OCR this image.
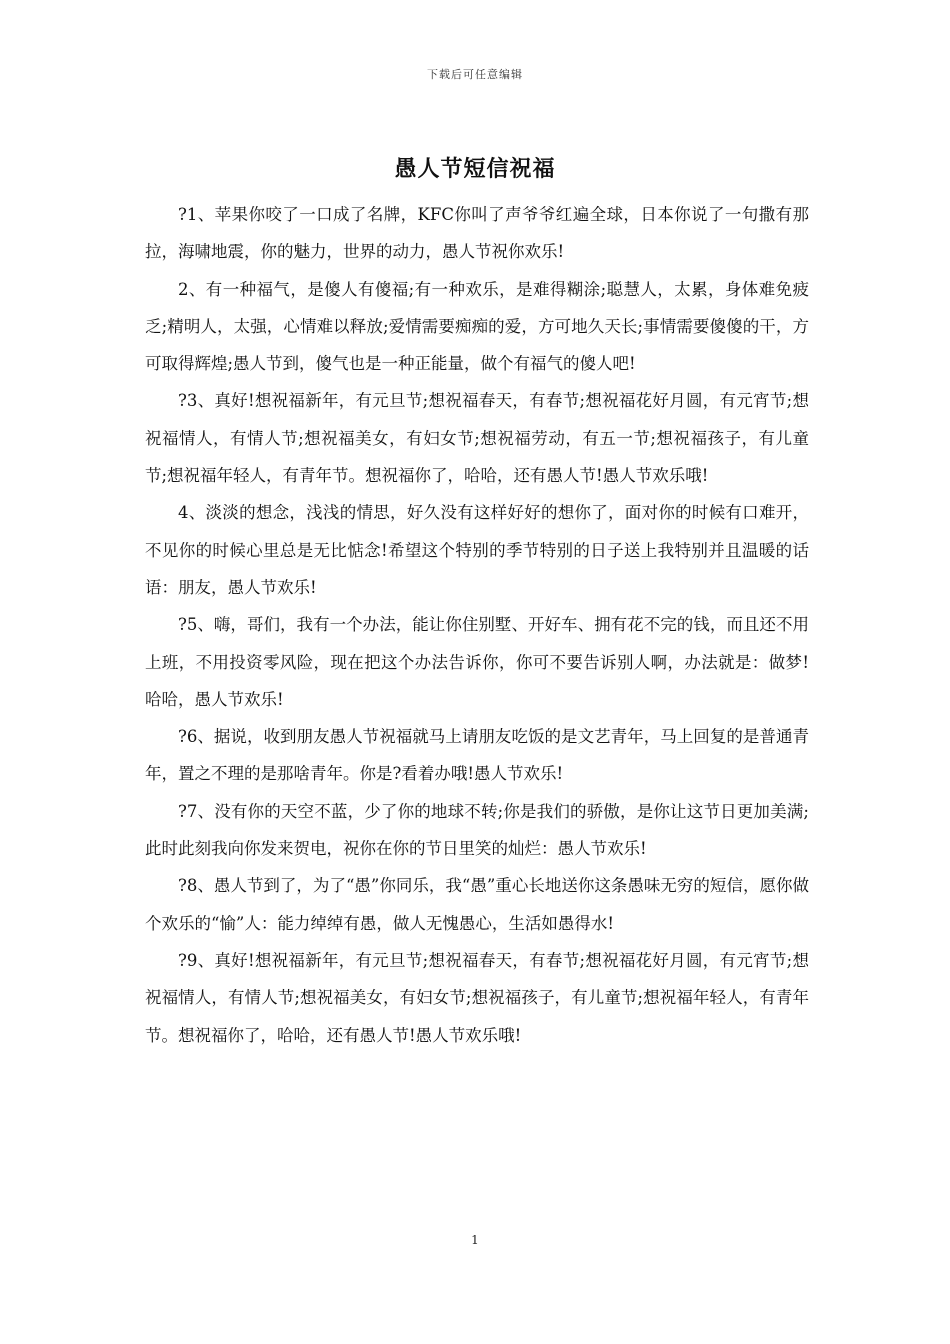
下载后可任意编辑
愚人节短信祝福

?1、苹果你咬了一口成了名牌，KFC你叫了声爷爷红遍全球，日本你说了一句撒有那拉，海啸地震，你的魅力，世界的动力，愚人节祝你欢乐!

2、有一种福气，是傻人有傻福;有一种欢乐，是难得糊涂;聪慧人，太累，身体难免疲乏;精明人，太强，心情难以释放;爱情需要痴痴的爱，方可地久天长;事情需要傻傻的干，方可取得辉煌;愚人节到，傻气也是一种正能量，做个有福气的傻人吧!

?3、真好!想祝福新年，有元旦节;想祝福春天，有春节;想祝福花好月圆，有元宵节;想祝福情人，有情人节;想祝福美女，有妇女节;想祝福劳动，有五一节;想祝福孩子，有儿童节;想祝福年轻人，有青年节。想祝福你了，哈哈，还有愚人节!愚人节欢乐哦!

4、淡淡的想念，浅浅的情思，好久没有这样好好的想你了，面对你的时候有口难开，不见你的时候心里总是无比惦念!希望这个特别的季节特别的日子送上我特别并且温暖的话语：朋友，愚人节欢乐!

?5、嗨，哥们，我有一个办法，能让你住别墅、开好车、拥有花不完的钱，而且还不用上班，不用投资零风险，现在把这个办法告诉你，你可不要告诉别人啊，办法就是：做梦!哈哈，愚人节欢乐!

?6、据说，收到朋友愚人节祝福就马上请朋友吃饭的是文艺青年，马上回复的是普通青年，置之不理的是那啥青年。你是?看着办哦!愚人节欢乐!

?7、没有你的天空不蓝，少了你的地球不转;你是我们的骄傲，是你让这节日更加美满;此时此刻我向你发来贺电，祝你在你的节日里笑的灿烂：愚人节欢乐!

?8、愚人节到了，为了“愚”你同乐，我“愚”重心长地送你这条愚味无穷的短信，愿你做个欢乐的“愉”人：能力绰绰有愚，做人无愧愚心，生活如愚得水!

?9、真好!想祝福新年，有元旦节;想祝福春天，有春节;想祝福花好月圆，有元宵节;想祝福情人，有情人节;想祝福美女，有妇女节;想祝福孩子，有儿童节;想祝福年轻人，有青年节。想祝福你了，哈哈，还有愚人节!愚人节欢乐哦!

1
